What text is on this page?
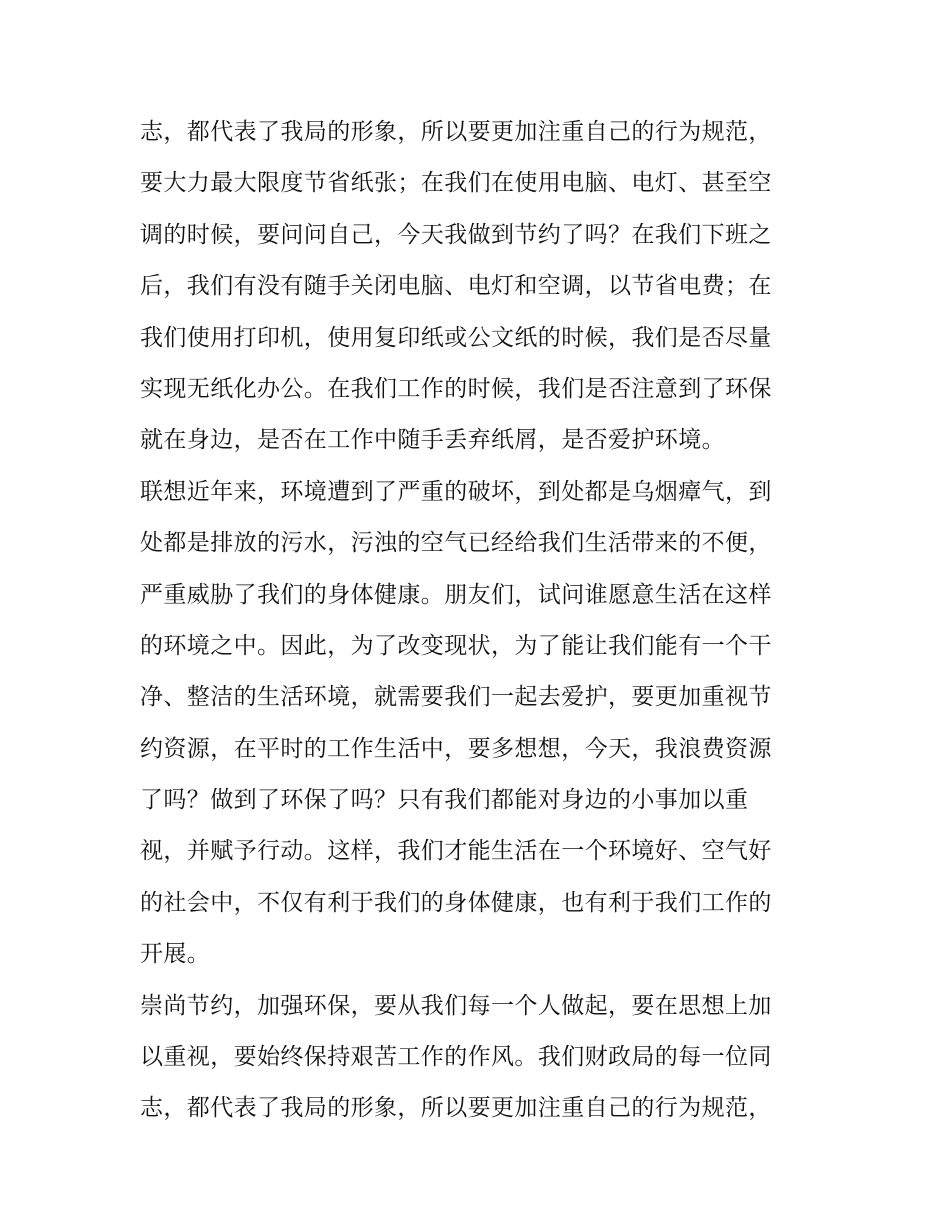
志，都代表了我局的形象，所以要更加注重自己的行为规范，
要大力最大限度节省纸张；在我们在使用电脑、电灯、甚至空
调的时候，要问问自己，今天我做到节约了吗？在我们下班之
后，我们有没有随手关闭电脑、电灯和空调，以节省电费；在
我们使用打印机，使用复印纸或公文纸的时候，我们是否尽量
实现无纸化办公。在我们工作的时候，我们是否注意到了环保
就在身边，是否在工作中随手丢弃纸屑，是否爱护环境。
联想近年来，环境遭到了严重的破坏，到处都是乌烟瘴气，到
处都是排放的污水，污浊的空气已经给我们生活带来的不便，
严重威胁了我们的身体健康。朋友们，试问谁愿意生活在这样
的环境之中。因此，为了改变现状，为了能让我们能有一个干
净、整洁的生活环境，就需要我们一起去爱护，要更加重视节
约资源，在平时的工作生活中，要多想想，今天，我浪费资源
了吗？做到了环保了吗？只有我们都能对身边的小事加以重
视，并赋予行动。这样，我们才能生活在一个环境好、空气好
的社会中，不仅有利于我们的身体健康，也有利于我们工作的
开展。
崇尚节约，加强环保，要从我们每一个人做起，要在思想上加
以重视，要始终保持艰苦工作的作风。我们财政局的每一位同
志，都代表了我局的形象，所以要更加注重自己的行为规范，
